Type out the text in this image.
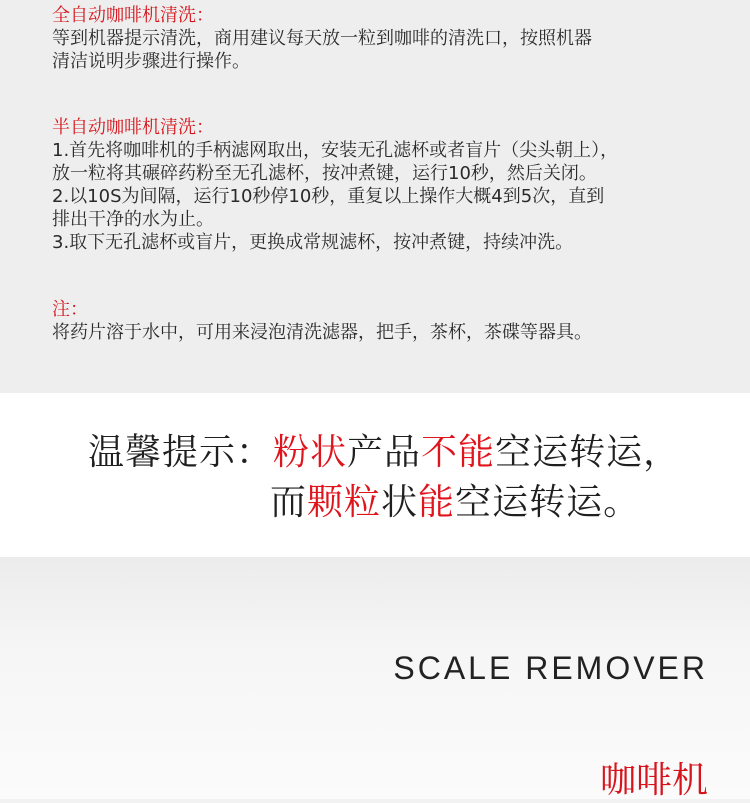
全自动咖啡机清洗：
等到机器提示清洗，商用建议每天放一粒到咖啡的清洗口，按照机器
清洁说明步骤进行操作。
半自动咖啡机清洗：
1.首先将咖啡机的手柄滤网取出，安装无孔滤杯或者盲片（尖头朝上），
放一粒将其碾碎药粉至无孔滤杯，按冲煮键，运行10秒，然后关闭。
2.以10S为间隔，运行10秒停10秒，重复以上操作大概4到5次，直到
排出干净的水为止。
3.取下无孔滤杯或盲片，更换成常规滤杯，按冲煮键，持续冲洗。
注：
将药片溶于水中，可用来浸泡清洗滤器，把手，茶杯，茶碟等器具。
温馨提示：粉状产品不能空运转运，
而颗粒状能空运转运。
SCALE REMOVER
咖啡机
